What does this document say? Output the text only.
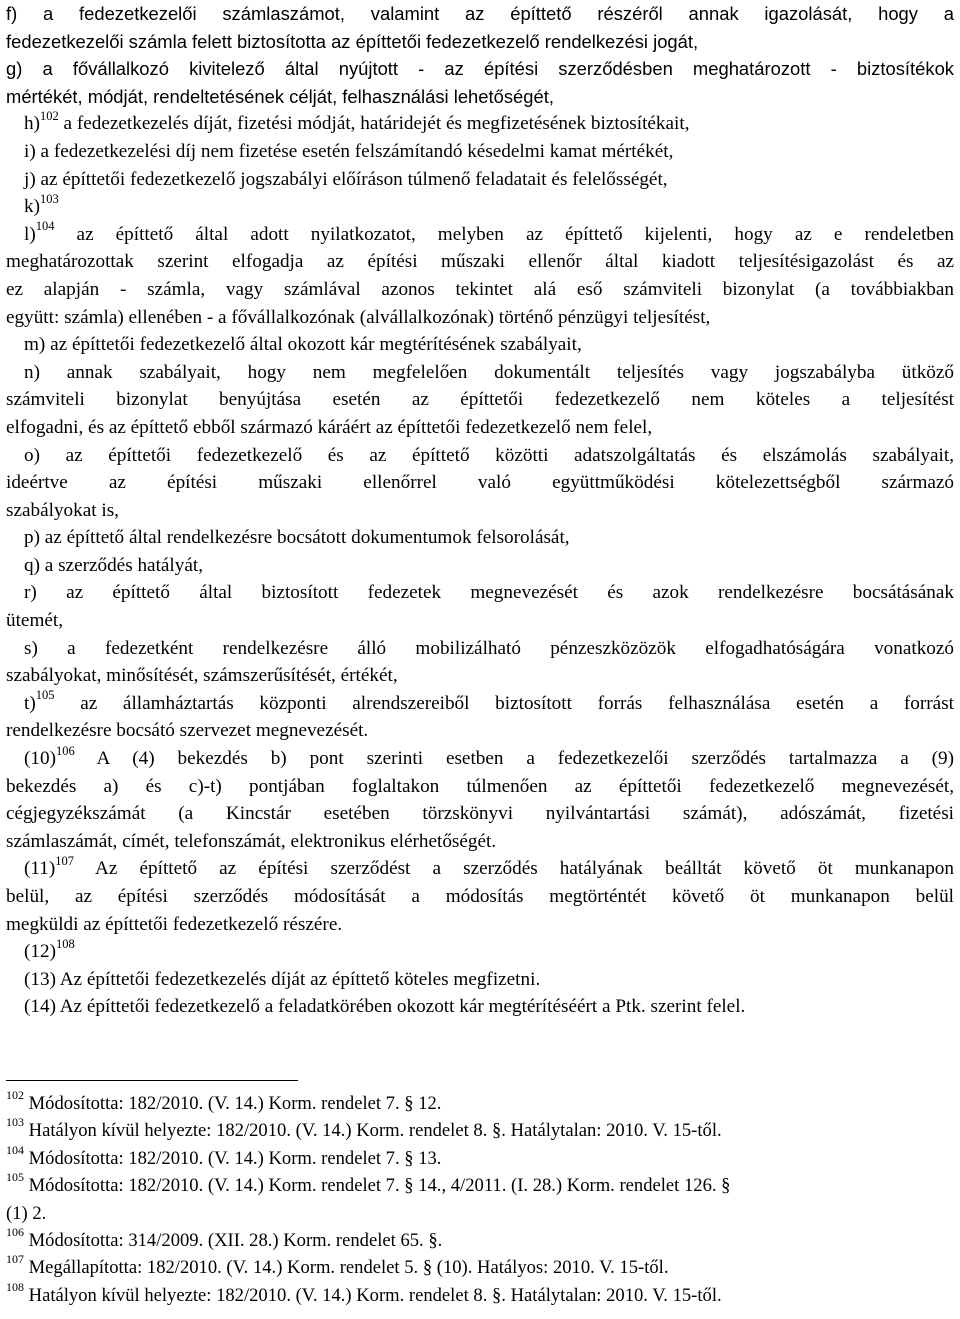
f) a fedezetkezelői számlaszámot, valamint az építtető részéről annak igazolását, hogy a
fedezetkezelői számla felett biztosította az építtetői fedezetkezelő rendelkezési jogát,
g) a fővállalkozó kivitelező által nyújtott - az építési szerződésben meghatározott - biztosítékok
mértékét, módját, rendeltetésének célját, felhasználási lehetőségét,
h)$^{102}$ a fedezetkezelés díját, fizetési módját, határidejét és megfizetésének biztosítékait,
i) a fedezetkezelési díj nem fizetése esetén felszámítandó késedelmi kamat mértékét,
j) az építtetői fedezetkezelő jogszabályi előíráson túlmenő feladatait és felelősségét,
k)$^{103}$
l)$^{104}$ az építtető által adott nyilatkozatot, melyben az építtető kijelenti, hogy az e rendeletben
meghatározottak szerint elfogadja az építési műszaki ellenőr által kiadott teljesítésigazolást és az
ez alapján - számla, vagy számlával azonos tekintet alá eső számviteli bizonylat (a továbbiakban
együtt: számla) ellenében - a fővállalkozónak (alvállalkozónak) történő pénzügyi teljesítést,
m) az építtetői fedezetkezelő által okozott kár megtérítésének szabályait,
n) annak szabályait, hogy nem megfelelően dokumentált teljesítés vagy jogszabályba ütköző
számviteli bizonylat benyújtása esetén az építtetői fedezetkezelő nem köteles a teljesítést
elfogadni, és az építtető ebből származó káráért az építtetői fedezetkezelő nem felel,
o) az építtetői fedezetkezelő és az építtető közötti adatszolgáltatás és elszámolás szabályait,
ideértve az építési műszaki ellenőrrel való együttműködési kötelezettségből származó
szabályokat is,
p) az építtető által rendelkezésre bocsátott dokumentumok felsorolását,
q) a szerződés hatályát,
r) az építtető által biztosított fedezetek megnevezését és azok rendelkezésre bocsátásának
ütemét,
s) a fedezetként rendelkezésre álló mobilizálható pénzeszközözök elfogadhatóságára vonatkozó
szabályokat, minősítését, számszerűsítését, értékét,
t)$^{105}$ az államháztartás központi alrendszereiből biztosított forrás felhasználása esetén a forrást
rendelkezésre bocsátó szervezet megnevezését.
$(10)^{106}$ A (4) bekezdés b) pont szerinti esetben a fedezetkezelői szerződés tartalmazza a (9)
bekezdés a) és c)-t) pontjában foglaltakon túlmenően az építtetői fedezetkezelő megnevezését,
cégjegyzékszámát (a Kincstár esetében törzskönyvi nyilvántartási számát), adószámát, fizetési
számlaszámát, címét, telefonszámát, elektronikus elérhetőségét.
$(11)^{107}$ Az építtető az építési szerződést a szerződés hatályának beálltát követő öt munkanapon
belül, az építési szerződés módosítását a módosítás megtörténtét követő öt munkanapon belül
megküldi az építtetői fedezetkezelő részére.
$(12)^{108}$
(13) Az építtetői fedezetkezelés díját az építtető köteles megfizetni.
(14) Az építtetői fedezetkezelő a feladatkörében okozott kár megtérítéséért a Ptk. szerint felel.
$^{102}$ Módosította: 182/2010. (V. 14.) Korm. rendelet 7. § 12.
$^{103}$ Hatályon kívül helyezte: 182/2010. (V. 14.) Korm. rendelet 8. §. Hatálytalan: 2010. V. 15-től.
$^{104}$ Módosította: 182/2010. (V. 14.) Korm. rendelet 7. § 13.
$^{105}$ Módosította: 182/2010. (V. 14.) Korm. rendelet 7. § 14., 4/2011. (I. 28.) Korm. rendelet 126. §
(1) 2.
$^{106}$ Módosította: 314/2009. (XII. 28.) Korm. rendelet 65. §.
$^{107}$ Megállapította: 182/2010. (V. 14.) Korm. rendelet 5. § (10). Hatályos: 2010. V. 15-től.
$^{108}$ Hatályon kívül helyezte: 182/2010. (V. 14.) Korm. rendelet 8. §. Hatálytalan: 2010. V. 15-től.
